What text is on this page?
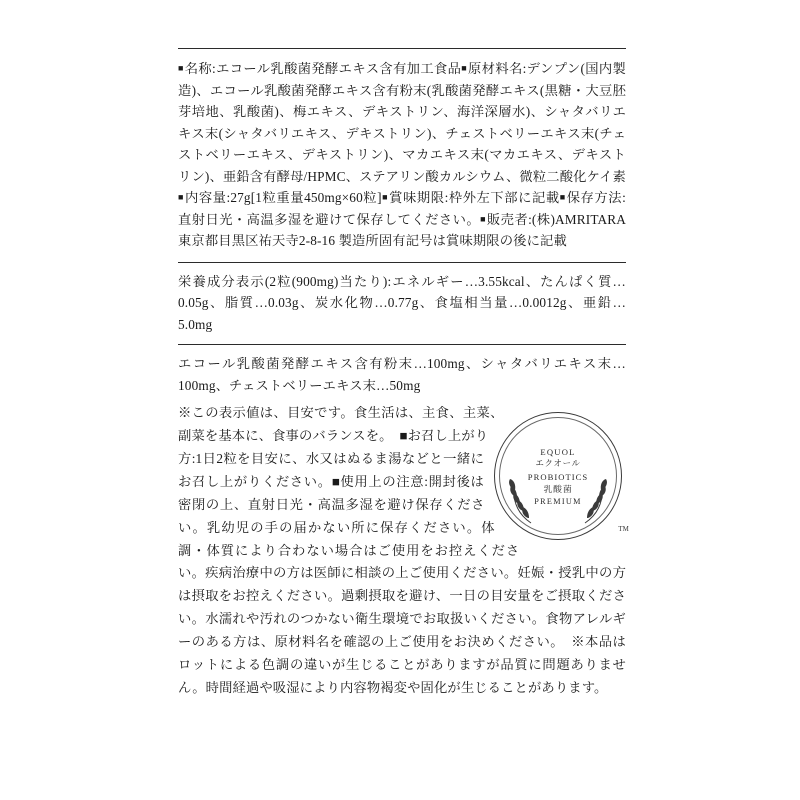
■名称:エコール乳酸菌発酵エキス含有加工食品■原材料名:デンプン(国内製造)、エコール乳酸菌発酵エキス含有粉末(乳酸菌発酵エキス(黒糖・大豆胚芽培地、乳酸菌)、梅エキス、デキストリン、海洋深層水)、シャタバリエキス末(シャタバリエキス、デキストリン)、チェストベリーエキス末(チェストベリーエキス、デキストリン)、マカエキス末(マカエキス、デキストリン)、亜鉛含有酵母/HPMC、ステアリン酸カルシウム、微粒二酸化ケイ素■内容量:27g[1粒重量450mg×60粒]■賞味期限:枠外左下部に記載■保存方法:直射日光・高温多湿を避けて保存してください。■販売者:(株)AMRITARA 東京都目黒区祐天寺2-8-16 製造所固有記号は賞味期限の後に記載
栄養成分表示(2粒(900mg)当たり):エネルギー…3.55kcal、たんぱく質…0.05g、脂質…0.03g、炭水化物…0.77g、食塩相当量…0.0012g、亜鉛…5.0mg
エコール乳酸菌発酵エキス含有粉末…100mg、シャタバリエキス末…100mg、チェストベリーエキス末…50mg
EQUOL
エクオール
PROBIOTICS
乳酸菌
PREMIUM
TM
※この表示値は、目安です。食生活は、主食、主菜、副菜を基本に、食事のバランスを。　■お召し上がり方:1日2粒を目安に、水又はぬるま湯などと一緒にお召し上がりください。■使用上の注意:開封後は密閉の上、直射日光・高温多湿を避け保存ください。乳幼児の手の届かない所に保存ください。体調・体質により合わない場合はご使用をお控えください。疾病治療中の方は医師に相談の上ご使用ください。妊娠・授乳中の方は摂取をお控えください。過剰摂取を避け、一日の目安量をご摂取ください。水濡れや汚れのつかない衛生環境でお取扱いください。食物アレルギーのある方は、原材料名を確認の上ご使用をお決めください。　※本品はロットによる色調の違いが生じることがありますが品質に問題ありません。時間経過や吸湿により内容物褐変や固化が生じることがあります。
